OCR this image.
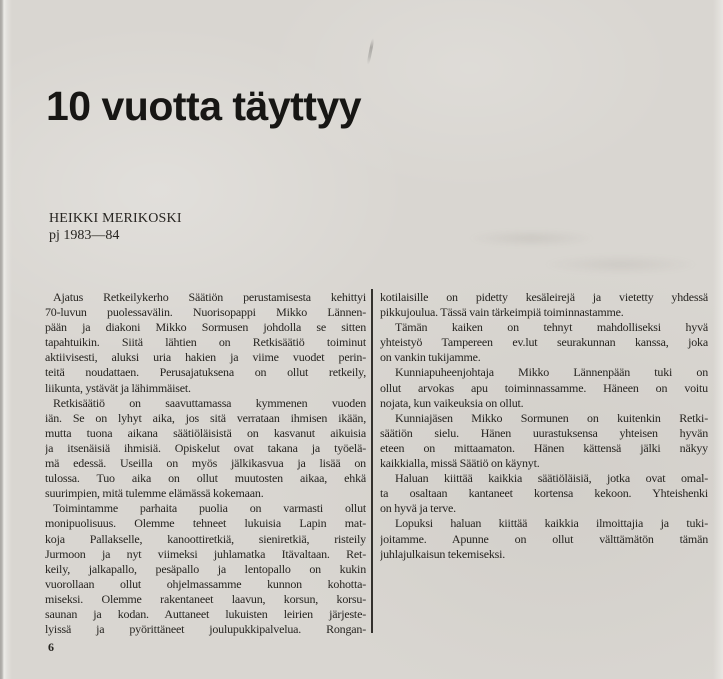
10 vuotta täyttyy
HEIKKI MERIKOSKI
pj 1983—84
Ajatus Retkeilykerho Säätiön perustamisesta kehittyi
70-luvun puolessavälin. Nuorisopappi Mikko Lännen-
pään ja diakoni Mikko Sormusen johdolla se sitten
tapahtuikin. Siitä lähtien on Retkisäätiö toiminut
aktiivisesti, aluksi uria hakien ja viime vuodet perin-
teitä noudattaen. Perusajatuksena on ollut retkeily,
liikunta, ystävät ja lähimmäiset.
Retkisäätiö on saavuttamassa kymmenen vuoden
iän. Se on lyhyt aika, jos sitä verrataan ihmisen ikään,
mutta tuona aikana säätiöläisistä on kasvanut aikuisia
ja itsenäisiä ihmisiä. Opiskelut ovat takana ja työelä-
mä edessä. Useilla on myös jälkikasvua ja lisää on
tulossa. Tuo aika on ollut muutosten aikaa, ehkä
suurimpien, mitä tulemme elämässä kokemaan.
Toimintamme parhaita puolia on varmasti ollut
monipuolisuus. Olemme tehneet lukuisia Lapin mat-
koja Pallakselle, kanoottiretkiä, sieniretkiä, risteily
Jurmoon ja nyt viimeksi juhlamatka Itävaltaan. Ret-
keily, jalkapallo, pesäpallo ja lentopallo on kukin
vuorollaan ollut ohjelmassamme kunnon kohotta-
miseksi. Olemme rakentaneet laavun, korsun, korsu-
saunan ja kodan. Auttaneet lukuisten leirien järjeste-
lyissä ja pyörittäneet joulupukkipalvelua. Rongan-
kotilaisille on pidetty kesäleirejä ja vietetty yhdessä
pikkujoulua. Tässä vain tärkeimpiä toiminnastamme.
Tämän kaiken on tehnyt mahdolliseksi hyvä
yhteistyö Tampereen ev.lut seurakunnan kanssa, joka
on vankin tukijamme.
Kunniapuheenjohtaja Mikko Lännenpään tuki on
ollut arvokas apu toiminnassamme. Häneen on voitu
nojata, kun vaikeuksia on ollut.
Kunniajäsen Mikko Sormunen on kuitenkin Retki-
säätiön sielu. Hänen uurastuksensa yhteisen hyvän
eteen on mittaamaton. Hänen kättensä jälki näkyy
kaikkialla, missä Säätiö on käynyt.
Haluan kiittää kaikkia säätiöläisiä, jotka ovat omal-
ta osaltaan kantaneet kortensa kekoon. Yhteishenki
on hyvä ja terve.
Lopuksi haluan kiittää kaikkia ilmoittajia ja tuki-
joitamme. Apunne on ollut välttämätön tämän
juhlajulkaisun tekemiseksi.
6
